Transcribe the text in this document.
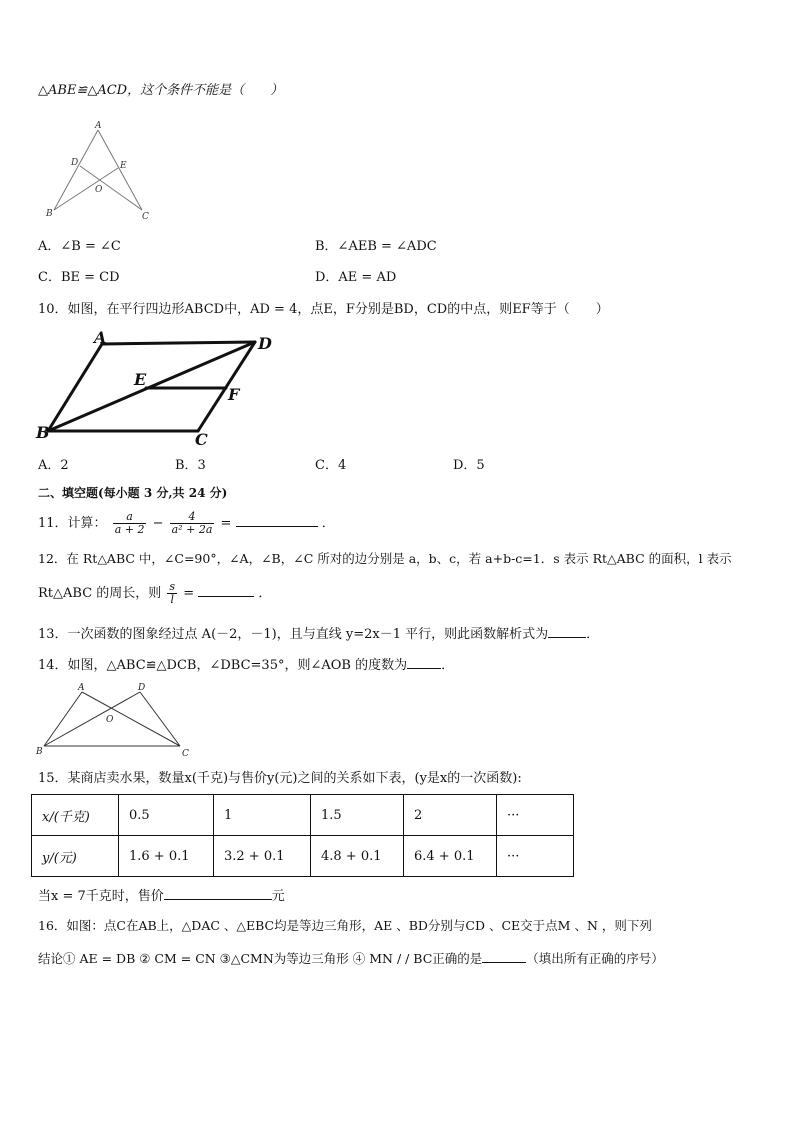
△ABE≌△ACD，这个条件不能是（　　）
A
D	E
O
B	C
A．∠B = ∠C	B．∠AEB = ∠ADC
C．BE = CD	D．AE = AD
10．如图，在平行四边形ABCD中，AD = 4，点E，F分别是BD，CD的中点，则EF等于（　　）
A	D
E
F
B	C
A．2	B．3	C．4	D．5
二、填空题(每小题 3 分,共 24 分)
11．计算： $\frac{a}{a + 2} - \frac{4}{\text{a² + 2a}}$ =	．
12．在 Rt△ABC 中，∠C=90°，∠A，∠B，∠C 所对的边分别是 a，b、c，若 a+b-c=1．s 表示 Rt△ABC 的面积，l 表示
Rt△ABC 的周长，则 $\frac{s}{l}$ =	．
13．一次函数的图象经过点 A(－2，－1)，且与直线 y=2x－1 平行，则此函数解析式为	．
14．如图，△ABC≌△DCB，∠DBC=35°，则∠AOB 的度数为	．
A	D
O
B	C
15．某商店卖水果，数量x(千克)与售价y(元)之间的关系如下表，(y是x的一次函数):
x/(千克)	0.5	1	1.5	2	···
y/(元)	1.6 + 0.1	3.2 + 0.1	4.8 + 0.1	6.4 + 0.1	···
当x = 7千克时，售价	元
16．如图：点C在AB上，△DAC 、△EBC均是等边三角形，AE 、BD分别与CD 、CE交于点M 、N ，则下列
结论① AE = DB ② CM = CN ③△CMN为等边三角形 ④ MN / / BC正确的是	（填出所有正确的序号）
